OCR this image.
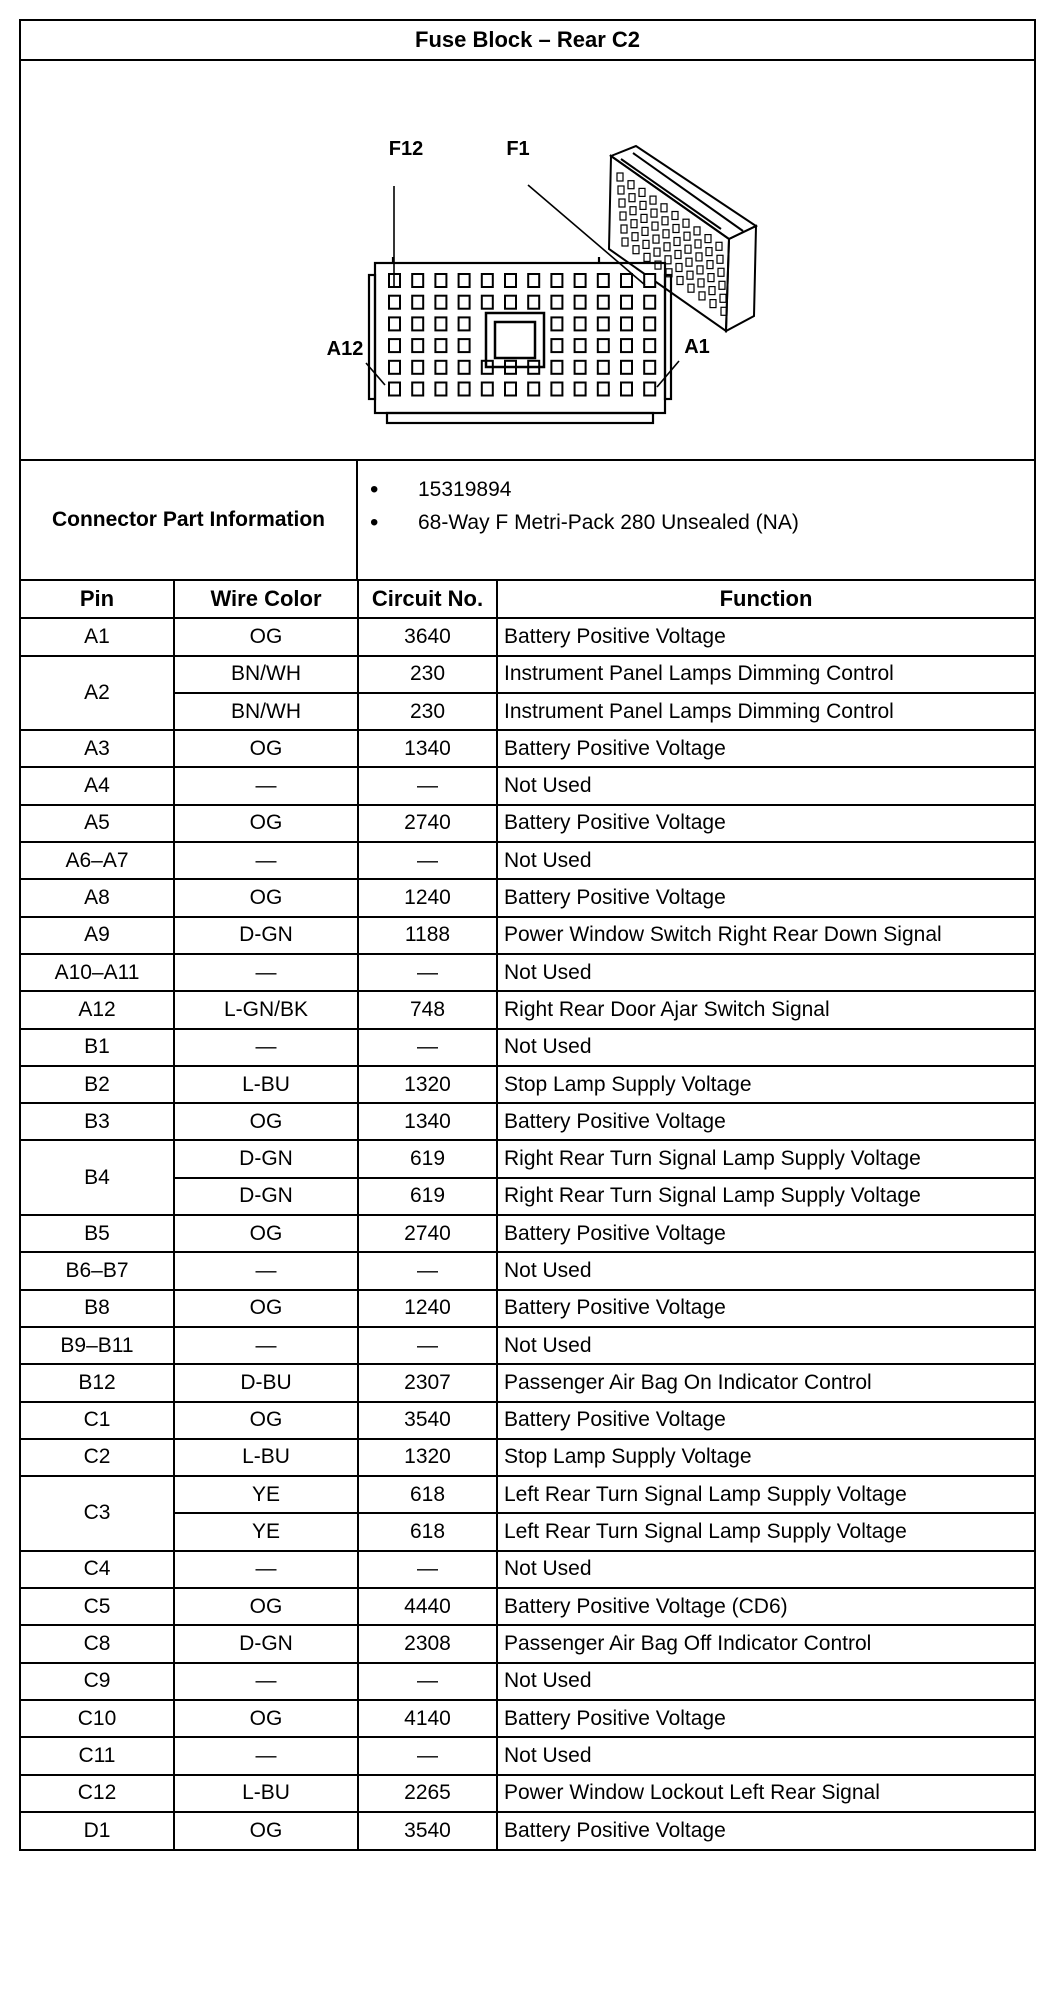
Fuse Block – Rear C2
F12	F1
A12	A1
Connector Part Information
• 15319894
• 68-Way F Metri-Pack 280 Unsealed (NA)
Pin	Wire Color	Circuit No.	Function
A1	OG	3640	Battery Positive Voltage
A2	BN/WH	230	Instrument Panel Lamps Dimming Control
	BN/WH	230	Instrument Panel Lamps Dimming Control
A3	OG	1340	Battery Positive Voltage
A4	—	—	Not Used
A5	OG	2740	Battery Positive Voltage
A6–A7	—	—	Not Used
A8	OG	1240	Battery Positive Voltage
A9	D-GN	1188	Power Window Switch Right Rear Down Signal
A10–A11	—	—	Not Used
A12	L-GN/BK	748	Right Rear Door Ajar Switch Signal
B1	—	—	Not Used
B2	L-BU	1320	Stop Lamp Supply Voltage
B3	OG	1340	Battery Positive Voltage
B4	D-GN	619	Right Rear Turn Signal Lamp Supply Voltage
	D-GN	619	Right Rear Turn Signal Lamp Supply Voltage
B5	OG	2740	Battery Positive Voltage
B6–B7	—	—	Not Used
B8	OG	1240	Battery Positive Voltage
B9–B11	—	—	Not Used
B12	D-BU	2307	Passenger Air Bag On Indicator Control
C1	OG	3540	Battery Positive Voltage
C2	L-BU	1320	Stop Lamp Supply Voltage
C3	YE	618	Left Rear Turn Signal Lamp Supply Voltage
	YE	618	Left Rear Turn Signal Lamp Supply Voltage
C4	—	—	Not Used
C5	OG	4440	Battery Positive Voltage (CD6)
C8	D-GN	2308	Passenger Air Bag Off Indicator Control
C9	—	—	Not Used
C10	OG	4140	Battery Positive Voltage
C11	—	—	Not Used
C12	L-BU	2265	Power Window Lockout Left Rear Signal
D1	OG	3540	Battery Positive Voltage
